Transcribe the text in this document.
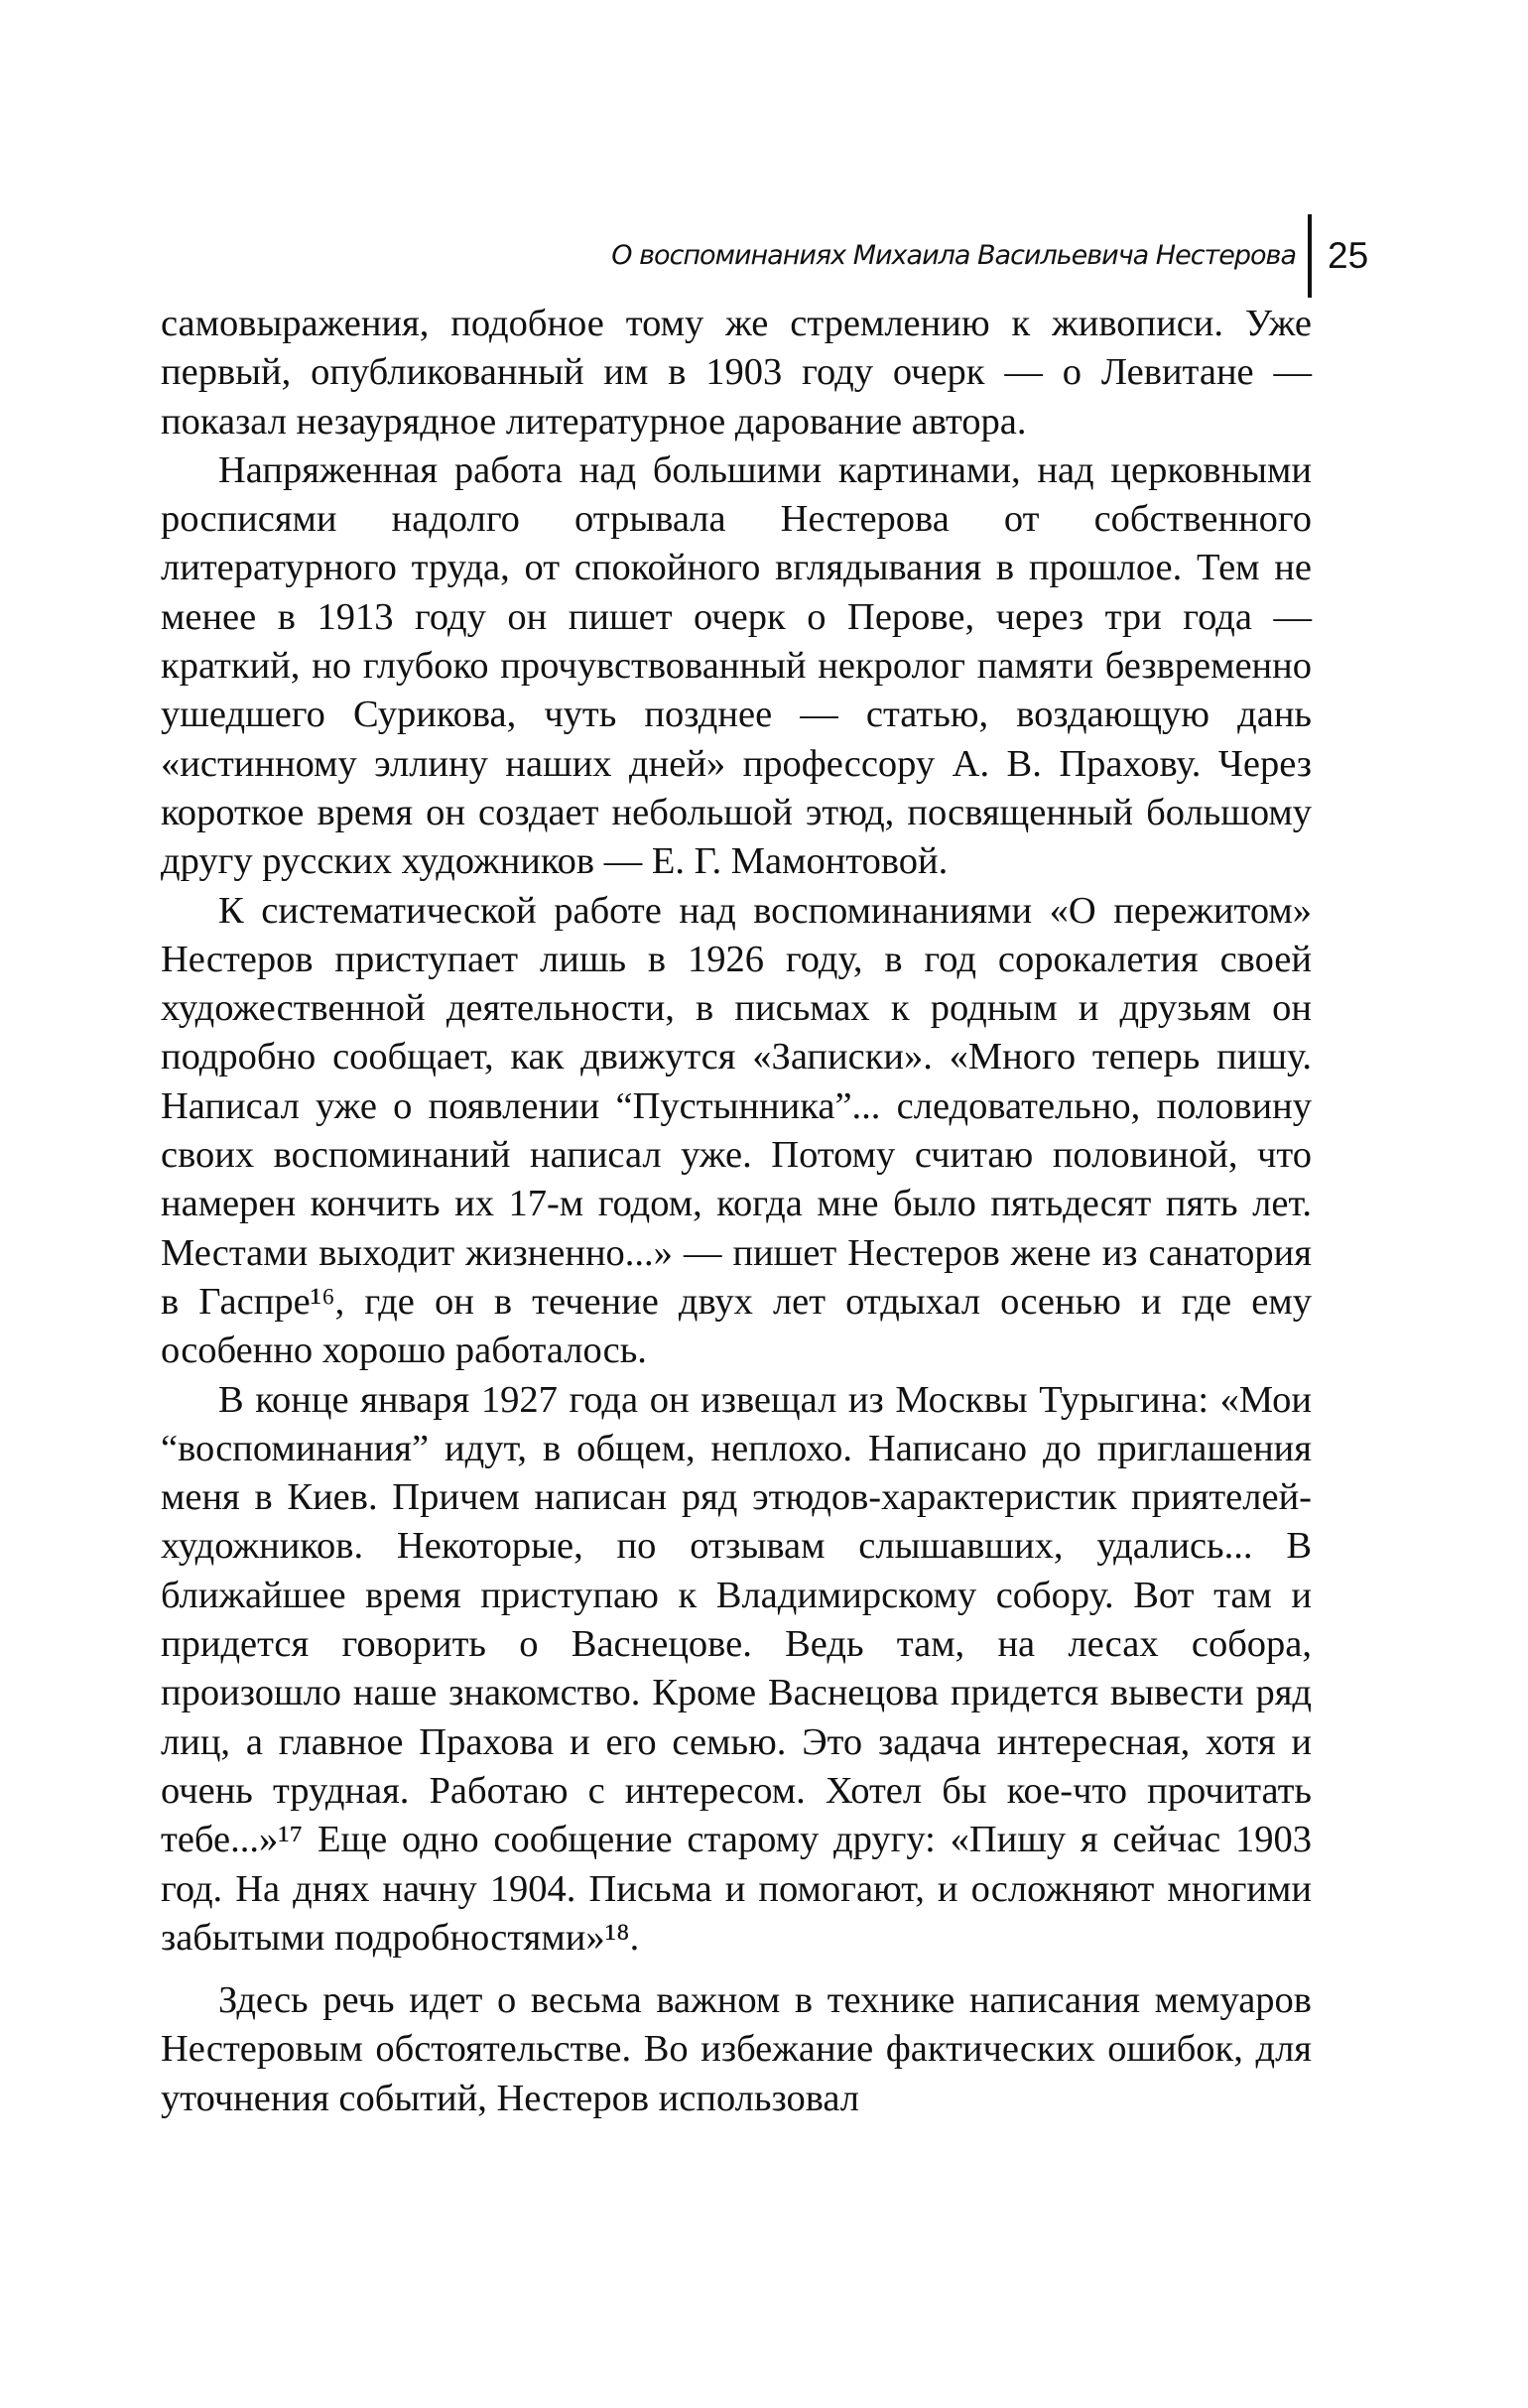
О воспоминаниях Михаила Васильевича Нестерова 25

самовыражения, подобное тому же стремлению к живописи. Уже первый, опубликованный им в 1903 году очерк — о Левитане — показал незаурядное литературное дарование автора.

Напряженная работа над большими картинами, над церковными росписями надолго отрывала Нестерова от собственного литературного труда, от спокойного вглядывания в прошлое. Тем не менее в 1913 году он пишет очерк о Перове, через три года — краткий, но глубоко прочувствованный некролог памяти безвременно ушедшего Сурикова, чуть позднее — статью, воздающую дань «истинному эллину наших дней» профессору А. В. Прахову. Через короткое время он создает небольшой этюд, посвященный большому другу русских художников — Е. Г. Мамонтовой.

К систематической работе над воспоминаниями «О пережитом» Нестеров приступает лишь в 1926 году, в год сорокалетия своей художественной деятельности, в письмах к родным и друзьям он подробно сообщает, как движутся «Записки». «Много теперь пишу. Написал уже о появлении “Пустынника”... следовательно, половину своих воспоминаний написал уже. Потому считаю половиной, что намерен кончить их 17-м годом, когда мне было пятьдесят пять лет. Местами выходит жизненно...» — пишет Нестеров жене из санатория в Гаспре¹⁶, где он в течение двух лет отдыхал осенью и где ему особенно хорошо работалось.

В конце января 1927 года он извещал из Москвы Турыгина: «Мои “воспоминания” идут, в общем, неплохо. Написано до приглашения меня в Киев. Причем написан ряд этюдов-характеристик приятелей-художников. Некоторые, по отзывам слышавших, удались... В ближайшее время приступаю к Владимирскому собору. Вот там и придется говорить о Васнецове. Ведь там, на лесах собора, произошло наше знакомство. Кроме Васнецова придется вывести ряд лиц, а главное Прахова и его семью. Это задача интересная, хотя и очень трудная. Работаю с интересом. Хотел бы кое-что прочитать тебе...»¹⁷ Еще одно сообщение старому другу: «Пишу я сейчас 1903 год. На днях начну 1904. Письма и помогают, и осложняют многими забытыми подробностями»¹⁸.

Здесь речь идет о весьма важном в технике написания мемуаров Нестеровым обстоятельстве. Во избежание фактических ошибок, для уточнения событий, Нестеров использовал
